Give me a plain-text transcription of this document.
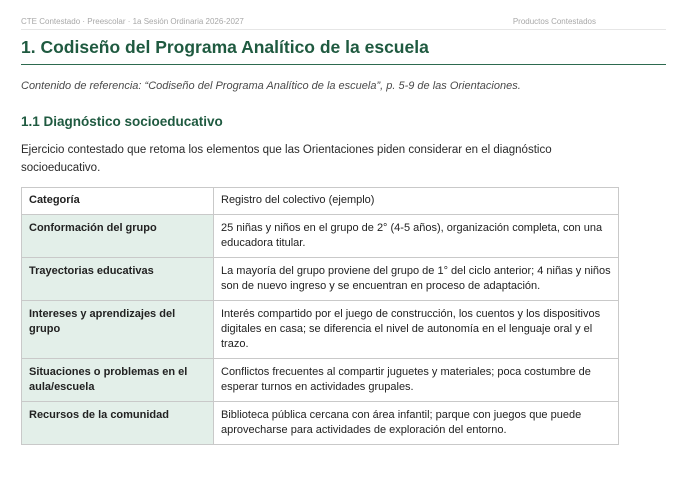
CTE Contestado · Preescolar · 1a Sesión Ordinaria 2026-2027	Productos Contestados
1. Codiseño del Programa Analítico de la escuela

Contenido de referencia: “Codiseño del Programa Analítico de la escuela”, p. 5-9 de las Orientaciones.

1.1 Diagnóstico socioeducativo

Ejercicio contestado que retoma los elementos que las Orientaciones piden considerar en el diagnóstico socioeducativo.

Categoría	Registro del colectivo (ejemplo)
Conformación del grupo	25 niñas y niños en el grupo de 2° (4-5 años), organización completa, con una educadora titular.
Trayectorias educativas	La mayoría del grupo proviene del grupo de 1° del ciclo anterior; 4 niñas y niños son de nuevo ingreso y se encuentran en proceso de adaptación.
Intereses y aprendizajes del grupo	Interés compartido por el juego de construcción, los cuentos y los dispositivos digitales en casa; se diferencia el nivel de autonomía en el lenguaje oral y el trazo.
Situaciones o problemas en el aula/escuela	Conflictos frecuentes al compartir juguetes y materiales; poca costumbre de esperar turnos en actividades grupales.
Recursos de la comunidad	Biblioteca pública cercana con área infantil; parque con juegos que puede aprovecharse para actividades de exploración del entorno.
